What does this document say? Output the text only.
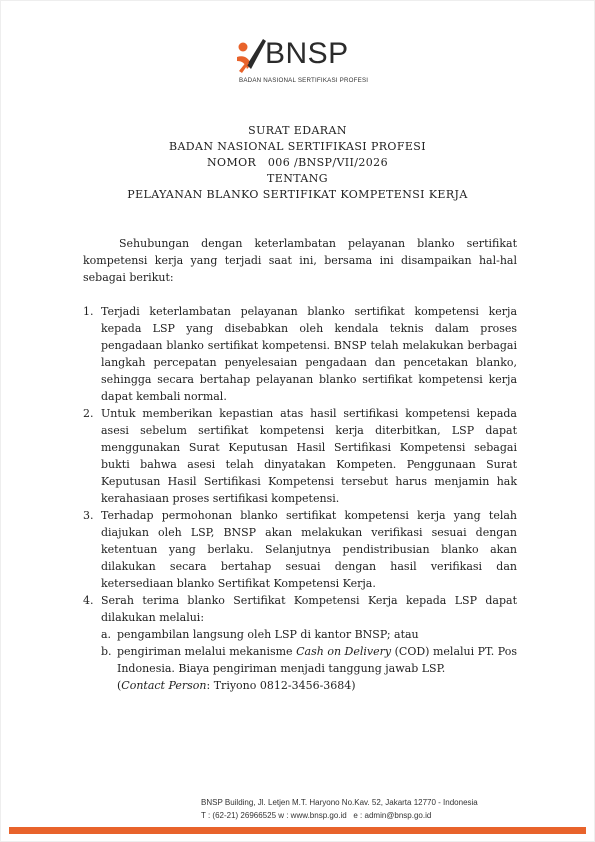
BNSP
BADAN NASIONAL SERTIFIKASI PROFESI
SURAT EDARAN
BADAN NASIONAL SERTIFIKASI PROFESI
NOMOR   006 /BNSP/VII/2026
TENTANG
PELAYANAN BLANKO SERTIFIKAT KOMPETENSI KERJA

Sehubungan dengan keterlambatan pelayanan blanko sertifikat kompetensi kerja yang terjadi saat ini, bersama ini disampaikan hal-hal sebagai berikut:

1. Terjadi keterlambatan pelayanan blanko sertifikat kompetensi kerja kepada LSP yang disebabkan oleh kendala teknis dalam proses pengadaan blanko sertifikat kompetensi. BNSP telah melakukan berbagai langkah percepatan penyelesaian pengadaan dan pencetakan blanko, sehingga secara bertahap pelayanan blanko sertifikat kompetensi kerja dapat kembali normal.
2. Untuk memberikan kepastian atas hasil sertifikasi kompetensi kepada asesi sebelum sertifikat kompetensi kerja diterbitkan, LSP dapat menggunakan Surat Keputusan Hasil Sertifikasi Kompetensi sebagai bukti bahwa asesi telah dinyatakan Kompeten. Penggunaan Surat Keputusan Hasil Sertifikasi Kompetensi tersebut harus menjamin hak kerahasiaan proses sertifikasi kompetensi.
3. Terhadap permohonan blanko sertifikat kompetensi kerja yang telah diajukan oleh LSP, BNSP akan melakukan verifikasi sesuai dengan ketentuan yang berlaku. Selanjutnya pendistribusian blanko akan dilakukan secara bertahap sesuai dengan hasil verifikasi dan ketersediaan blanko Sertifikat Kompetensi Kerja.
4. Serah terima blanko Sertifikat Kompetensi Kerja kepada LSP dapat dilakukan melalui:
a. pengambilan langsung oleh LSP di kantor BNSP; atau
b. pengiriman melalui mekanisme Cash on Delivery (COD) melalui PT. Pos Indonesia. Biaya pengiriman menjadi tanggung jawab LSP.
(Contact Person: Triyono 0812-3456-3684)
BNSP Building, Jl. Letjen M.T. Haryono No.Kav. 52, Jakarta 12770 - Indonesia
T : (62-21) 26966525 w : www.bnsp.go.id   e : admin@bnsp.go.id
